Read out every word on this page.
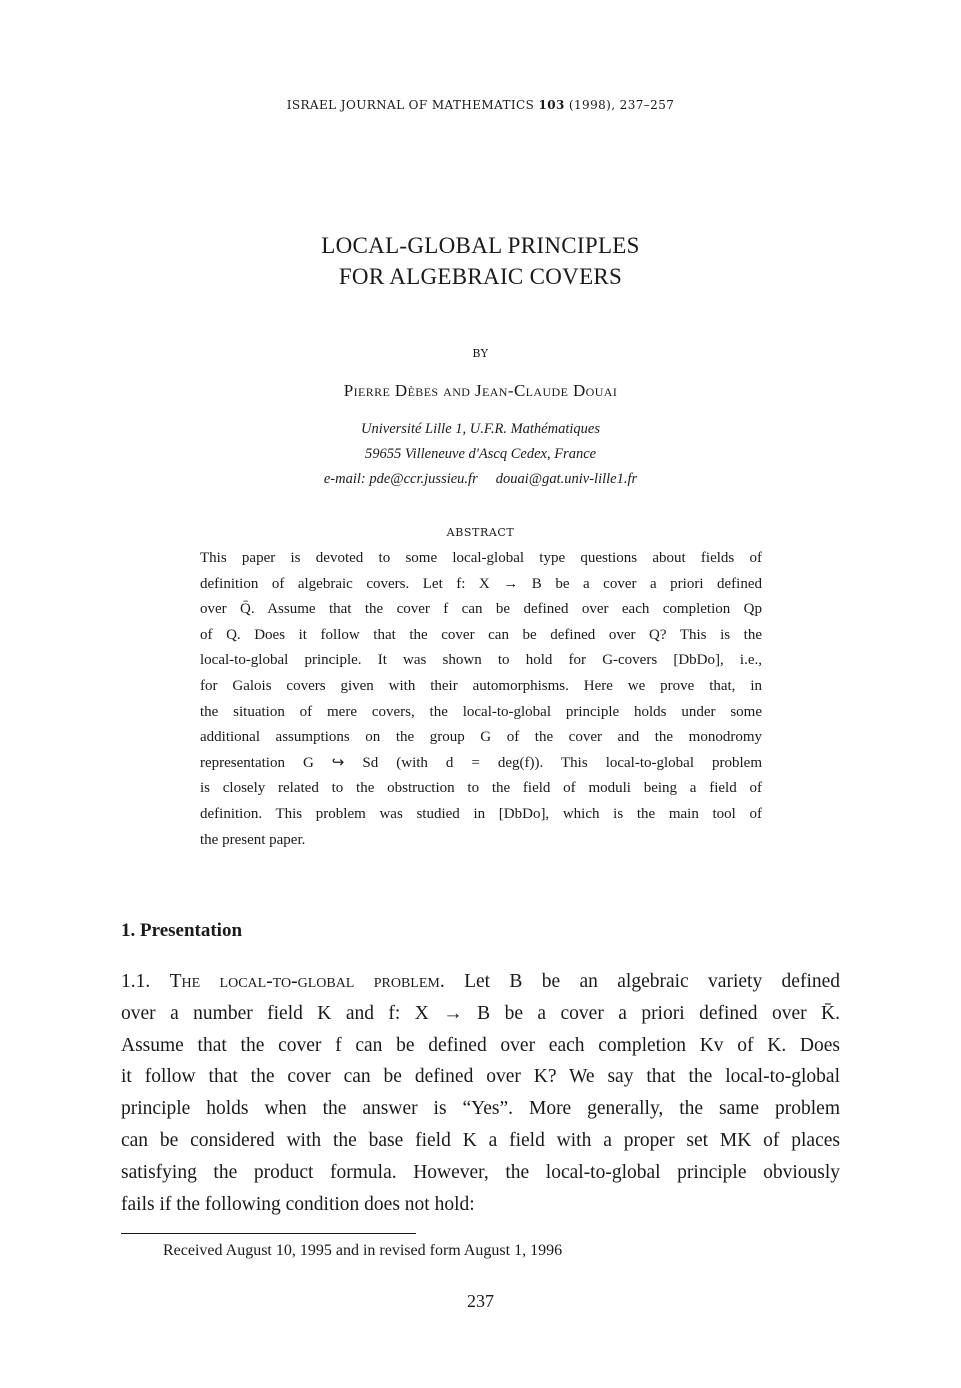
ISRAEL JOURNAL OF MATHEMATICS 103 (1998), 237–257
LOCAL-GLOBAL PRINCIPLES
FOR ALGEBRAIC COVERS
BY
Pierre Dèbes and Jean-Claude Douai
Université Lille 1, U.F.R. Mathématiques
59655 Villeneuve d'Ascq Cedex, France
e-mail: pde@ccr.jussieu.fr douai@gat.univ-lille1.fr
ABSTRACT
This paper is devoted to some local-global type questions about fields of
definition of algebraic covers. Let f: X → B be a cover a priori defined
over Q̄. Assume that the cover f can be defined over each completion Qp
of Q. Does it follow that the cover can be defined over Q? This is the
local-to-global principle. It was shown to hold for G-covers [DbDo], i.e.,
for Galois covers given with their automorphisms. Here we prove that, in
the situation of mere covers, the local-to-global principle holds under some
additional assumptions on the group G of the cover and the monodromy
representation G ↪ Sd (with d = deg(f)). This local-to-global problem
is closely related to the obstruction to the field of moduli being a field of
definition. This problem was studied in [DbDo], which is the main tool of
the present paper.
1. Presentation
1.1. The local-to-global problem. Let B be an algebraic variety defined
over a number field K and f: X → B be a cover a priori defined over K̄.
Assume that the cover f can be defined over each completion Kv of K. Does
it follow that the cover can be defined over K? We say that the local-to-global
principle holds when the answer is “Yes”. More generally, the same problem
can be considered with the base field K a field with a proper set MK of places
satisfying the product formula. However, the local-to-global principle obviously
fails if the following condition does not hold:
Received August 10, 1995 and in revised form August 1, 1996
237
